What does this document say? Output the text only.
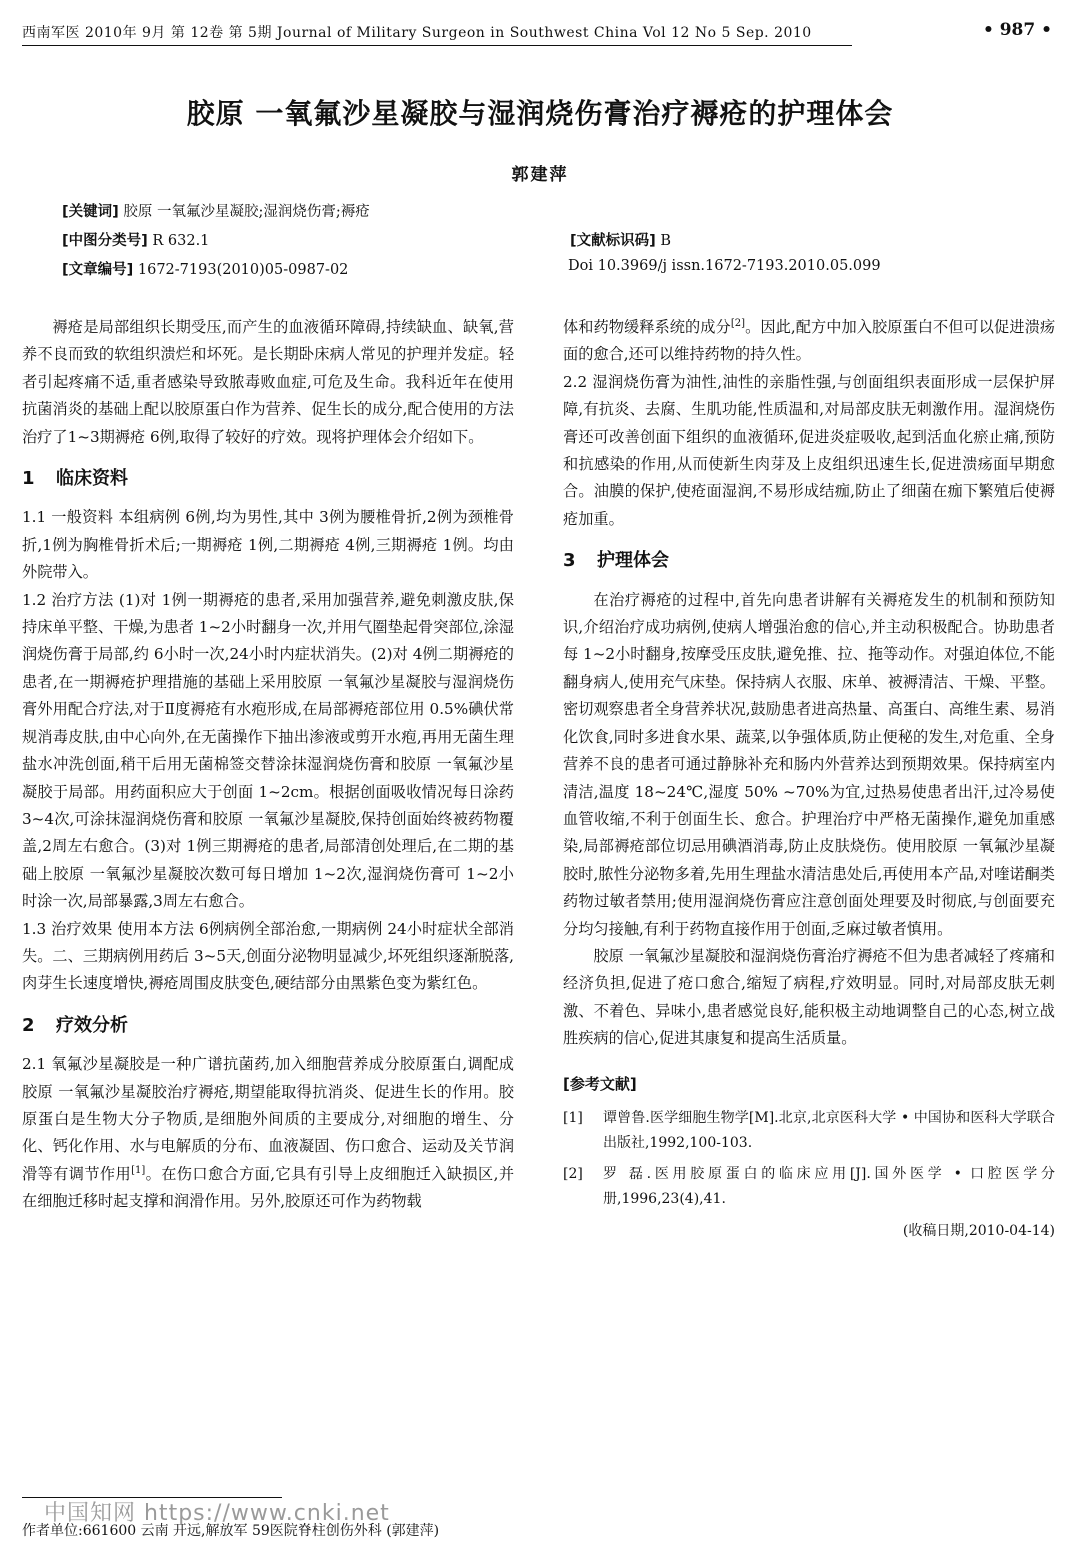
西南军医 2010年 9月 第 12卷 第 5期 Journal of Military Surgeon in Southwest China Vol 12 No 5 Sep. 2010	• 987 •
胶原 一氧氟沙星凝胶与湿润烧伤膏治疗褥疮的护理体会
郭建萍
[关键词] 胶原 一氧氟沙星凝胶;湿润烧伤膏;褥疮
[中图分类号] R 632.1	[文献标识码] B
[文章编号] 1672-7193(2010)05-0987-02	Doi 10.3969/j issn.1672-7193.2010.05.099

褥疮是局部组织长期受压,而产生的血液循环障碍,持续缺血、缺氧,营养不良而致的软组织溃烂和坏死。是长期卧床病人常见的护理并发症。轻者引起疼痛不适,重者感染导致脓毒败血症,可危及生命。我科近年在使用抗菌消炎的基础上配以胶原蛋白作为营养、促生长的成分,配合使用的方法治疗了1~3期褥疮 6例,取得了较好的疗效。现将护理体会介绍如下。

1 临床资料

1.1 一般资料 本组病例 6例,均为男性,其中 3例为腰椎骨折,2例为颈椎骨折,1例为胸椎骨折术后;一期褥疮 1例,二期褥疮 4例,三期褥疮 1例。均由外院带入。

1.2 治疗方法 (1)对 1例一期褥疮的患者,采用加强营养,避免刺激皮肤,保持床单平整、干燥,为患者 1~2小时翻身一次,并用气圈垫起骨突部位,涂湿润烧伤膏于局部,约 6小时一次,24小时内症状消失。(2)对 4例二期褥疮的患者,在一期褥疮护理措施的基础上采用胶原 一氧氟沙星凝胶与湿润烧伤膏外用配合疗法,对于Ⅱ度褥疮有水疱形成,在局部褥疮部位用 0.5%碘伏常规消毒皮肤,由中心向外,在无菌操作下抽出渗液或剪开水疱,再用无菌生理盐水冲洗创面,稍干后用无菌棉签交替涂抹湿润烧伤膏和胶原 一氧氟沙星凝胶于局部。用药面积应大于创面 1~2cm。根据创面吸收情况每日涂药 3~4次,可涂抹湿润烧伤膏和胶原 一氧氟沙星凝胶,保持创面始终被药物覆盖,2周左右愈合。(3)对 1例三期褥疮的患者,局部清创处理后,在二期的基础上胶原 一氧氟沙星凝胶次数可每日增加 1~2次,湿润烧伤膏可 1~2小时涂一次,局部暴露,3周左右愈合。

1.3 治疗效果 使用本方法 6例病例全部治愈,一期病例 24小时症状全部消失。二、三期病例用药后 3~5天,创面分泌物明显减少,坏死组织逐渐脱落,肉芽生长速度增快,褥疮周围皮肤变色,硬结部分由黑紫色变为紫红色。

2 疗效分析

2.1 氧氟沙星凝胶是一种广谱抗菌药,加入细胞营养成分胶原蛋白,调配成胶原 一氧氟沙星凝胶治疗褥疮,期望能取得抗消炎、促进生长的作用。胶原蛋白是生物大分子物质,是细胞外间质的主要成分,对细胞的增生、分化、钙化作用、水与电解质的分布、血液凝固、伤口愈合、运动及关节润滑等有调节作用[1]。在伤口愈合方面,它具有引导上皮细胞迁入缺损区,并在细胞迁移时起支撑和润滑作用。另外,胶原还可作为药物载

体和药物缓释系统的成分[2]。因此,配方中加入胶原蛋白不但可以促进溃疡面的愈合,还可以维持药物的持久性。

2.2 湿润烧伤膏为油性,油性的亲脂性强,与创面组织表面形成一层保护屏障,有抗炎、去腐、生肌功能,性质温和,对局部皮肤无刺激作用。湿润烧伤膏还可改善创面下组织的血液循环,促进炎症吸收,起到活血化瘀止痛,预防和抗感染的作用,从而使新生肉芽及上皮组织迅速生长,促进溃疡面早期愈合。油膜的保护,使疮面湿润,不易形成结痂,防止了细菌在痂下繁殖后使褥疮加重。

3 护理体会

在治疗褥疮的过程中,首先向患者讲解有关褥疮发生的机制和预防知识,介绍治疗成功病例,使病人增强治愈的信心,并主动积极配合。协助患者每 1~2小时翻身,按摩受压皮肤,避免推、拉、拖等动作。对强迫体位,不能翻身病人,使用充气床垫。保持病人衣服、床单、被褥清洁、干燥、平整。密切观察患者全身营养状况,鼓励患者进高热量、高蛋白、高维生素、易消化饮食,同时多进食水果、蔬菜,以争强体质,防止便秘的发生,对危重、全身营养不良的患者可通过静脉补充和肠内外营养达到预期效果。保持病室内清洁,温度 18~24℃,湿度 50% ~70%为宜,过热易使患者出汗,过冷易使血管收缩,不利于创面生长、愈合。护理治疗中严格无菌操作,避免加重感染,局部褥疮部位切忌用碘酒消毒,防止皮肤烧伤。使用胶原 一氧氟沙星凝胶时,脓性分泌物多着,先用生理盐水清洁患处后,再使用本产品,对喹诺酮类药物过敏者禁用;使用湿润烧伤膏应注意创面处理要及时彻底,与创面要充分均匀接触,有利于药物直接作用于创面,乏麻过敏者慎用。

胶原 一氧氟沙星凝胶和湿润烧伤膏治疗褥疮不但为患者减轻了疼痛和经济负担,促进了疮口愈合,缩短了病程,疗效明显。同时,对局部皮肤无刺激、不着色、异味小,患者感觉良好,能积极主动地调整自己的心态,树立战胜疾病的信心,促进其康复和提高生活质量。

[参考文献]

[1]	谭曾鲁.医学细胞生物学[M].北京,北京医科大学 • 中国协和医科大学联合出版社,1992,100-103.
[2]	罗 磊.医用胶原蛋白的临床应用[J].国外医学 • 口腔医学分册,1996,23(4),41.

(收稿日期,2010-04-14)

中国知网 https://www.cnki.net
作者单位:661600 云南 开远,解放军 59医院脊柱创伤外科 (郭建萍)
